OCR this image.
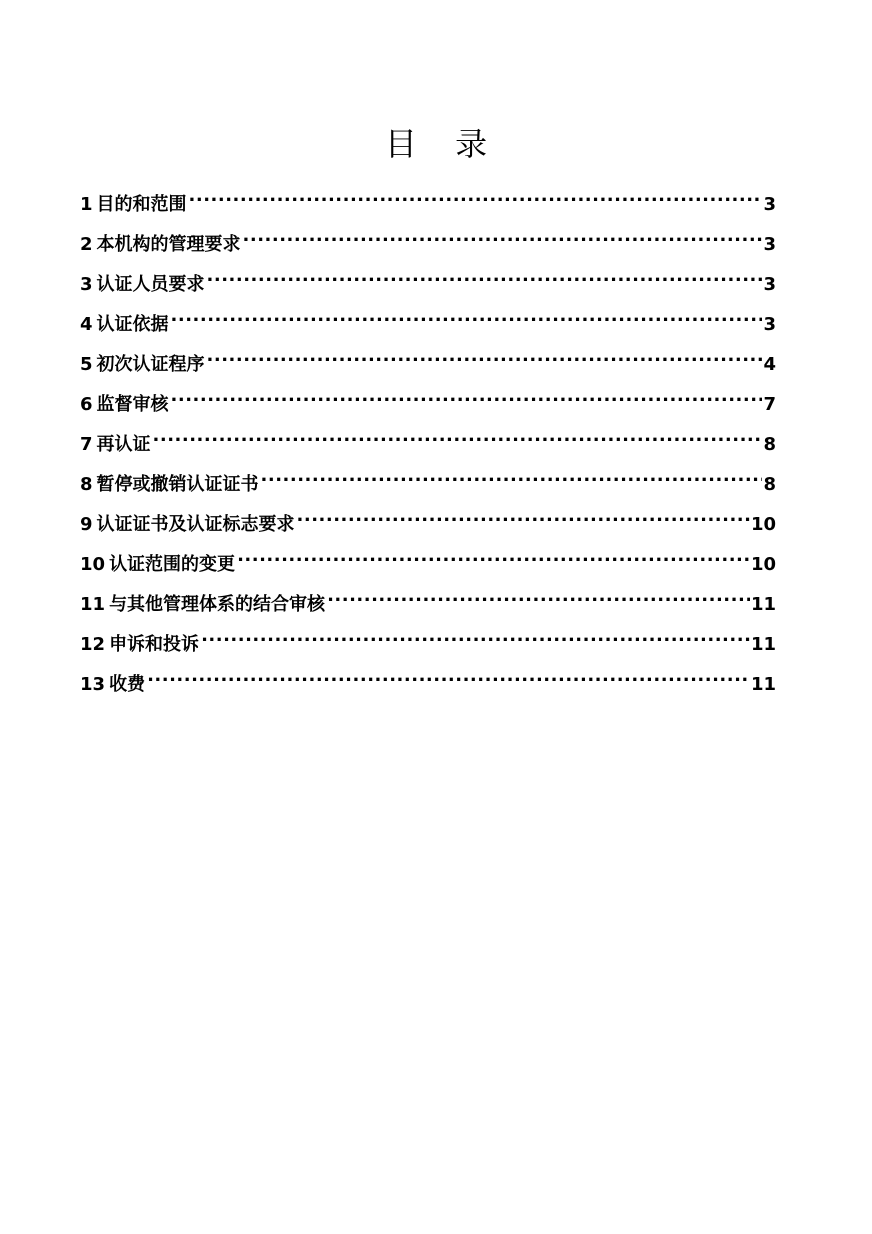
目 录
1 目的和范围 .....	3
2 本机构的管理要求 .....	3
3 认证人员要求 .....	3
4 认证依据 .....	3
5 初次认证程序 .....	4
6 监督审核 .....	7
7 再认证 .....	8
8 暂停或撤销认证证书 .....	8
9 认证证书及认证标志要求 .....	10
10 认证范围的变更 .....	10
11 与其他管理体系的结合审核 .....	11
12 申诉和投诉 .....	11
13 收费 .....	11
